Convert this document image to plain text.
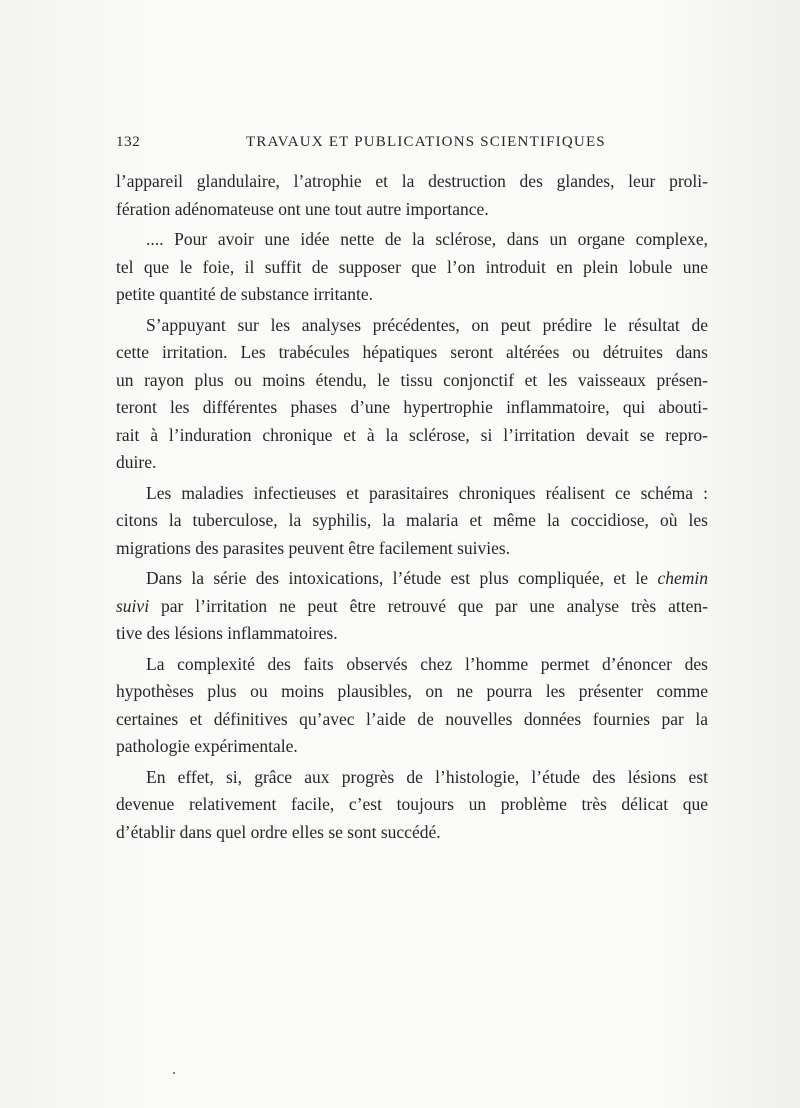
132	TRAVAUX ET PUBLICATIONS SCIENTIFIQUES
l’appareil glandulaire, l’atrophie et la destruction des glandes, leur proli-
fération adénomateuse ont une tout autre importance.
.... Pour avoir une idée nette de la sclérose, dans un organe complexe,
tel que le foie, il suffit de supposer que l’on introduit en plein lobule une
petite quantité de substance irritante.
S’appuyant sur les analyses précédentes, on peut prédire le résultat de
cette irritation. Les trabécules hépatiques seront altérées ou détruites dans
un rayon plus ou moins étendu, le tissu conjonctif et les vaisseaux présen-
teront les différentes phases d’une hypertrophie inflammatoire, qui abouti-
rait à l’induration chronique et à la sclérose, si l’irritation devait se repro-
duire.
Les maladies infectieuses et parasitaires chroniques réalisent ce schéma :
citons la tuberculose, la syphilis, la malaria et même la coccidiose, où les
migrations des parasites peuvent être facilement suivies.
Dans la série des intoxications, l’étude est plus compliquée, et le chemin
suivi par l’irritation ne peut être retrouvé que par une analyse très atten-
tive des lésions inflammatoires.
La complexité des faits observés chez l’homme permet d’énoncer des
hypothèses plus ou moins plausibles, on ne pourra les présenter comme
certaines et définitives qu’avec l’aide de nouvelles données fournies par la
pathologie expérimentale.
En effet, si, grâce aux progrès de l’histologie, l’étude des lésions est
devenue relativement facile, c’est toujours un problème très délicat que
d’établir dans quel ordre elles se sont succédé.
